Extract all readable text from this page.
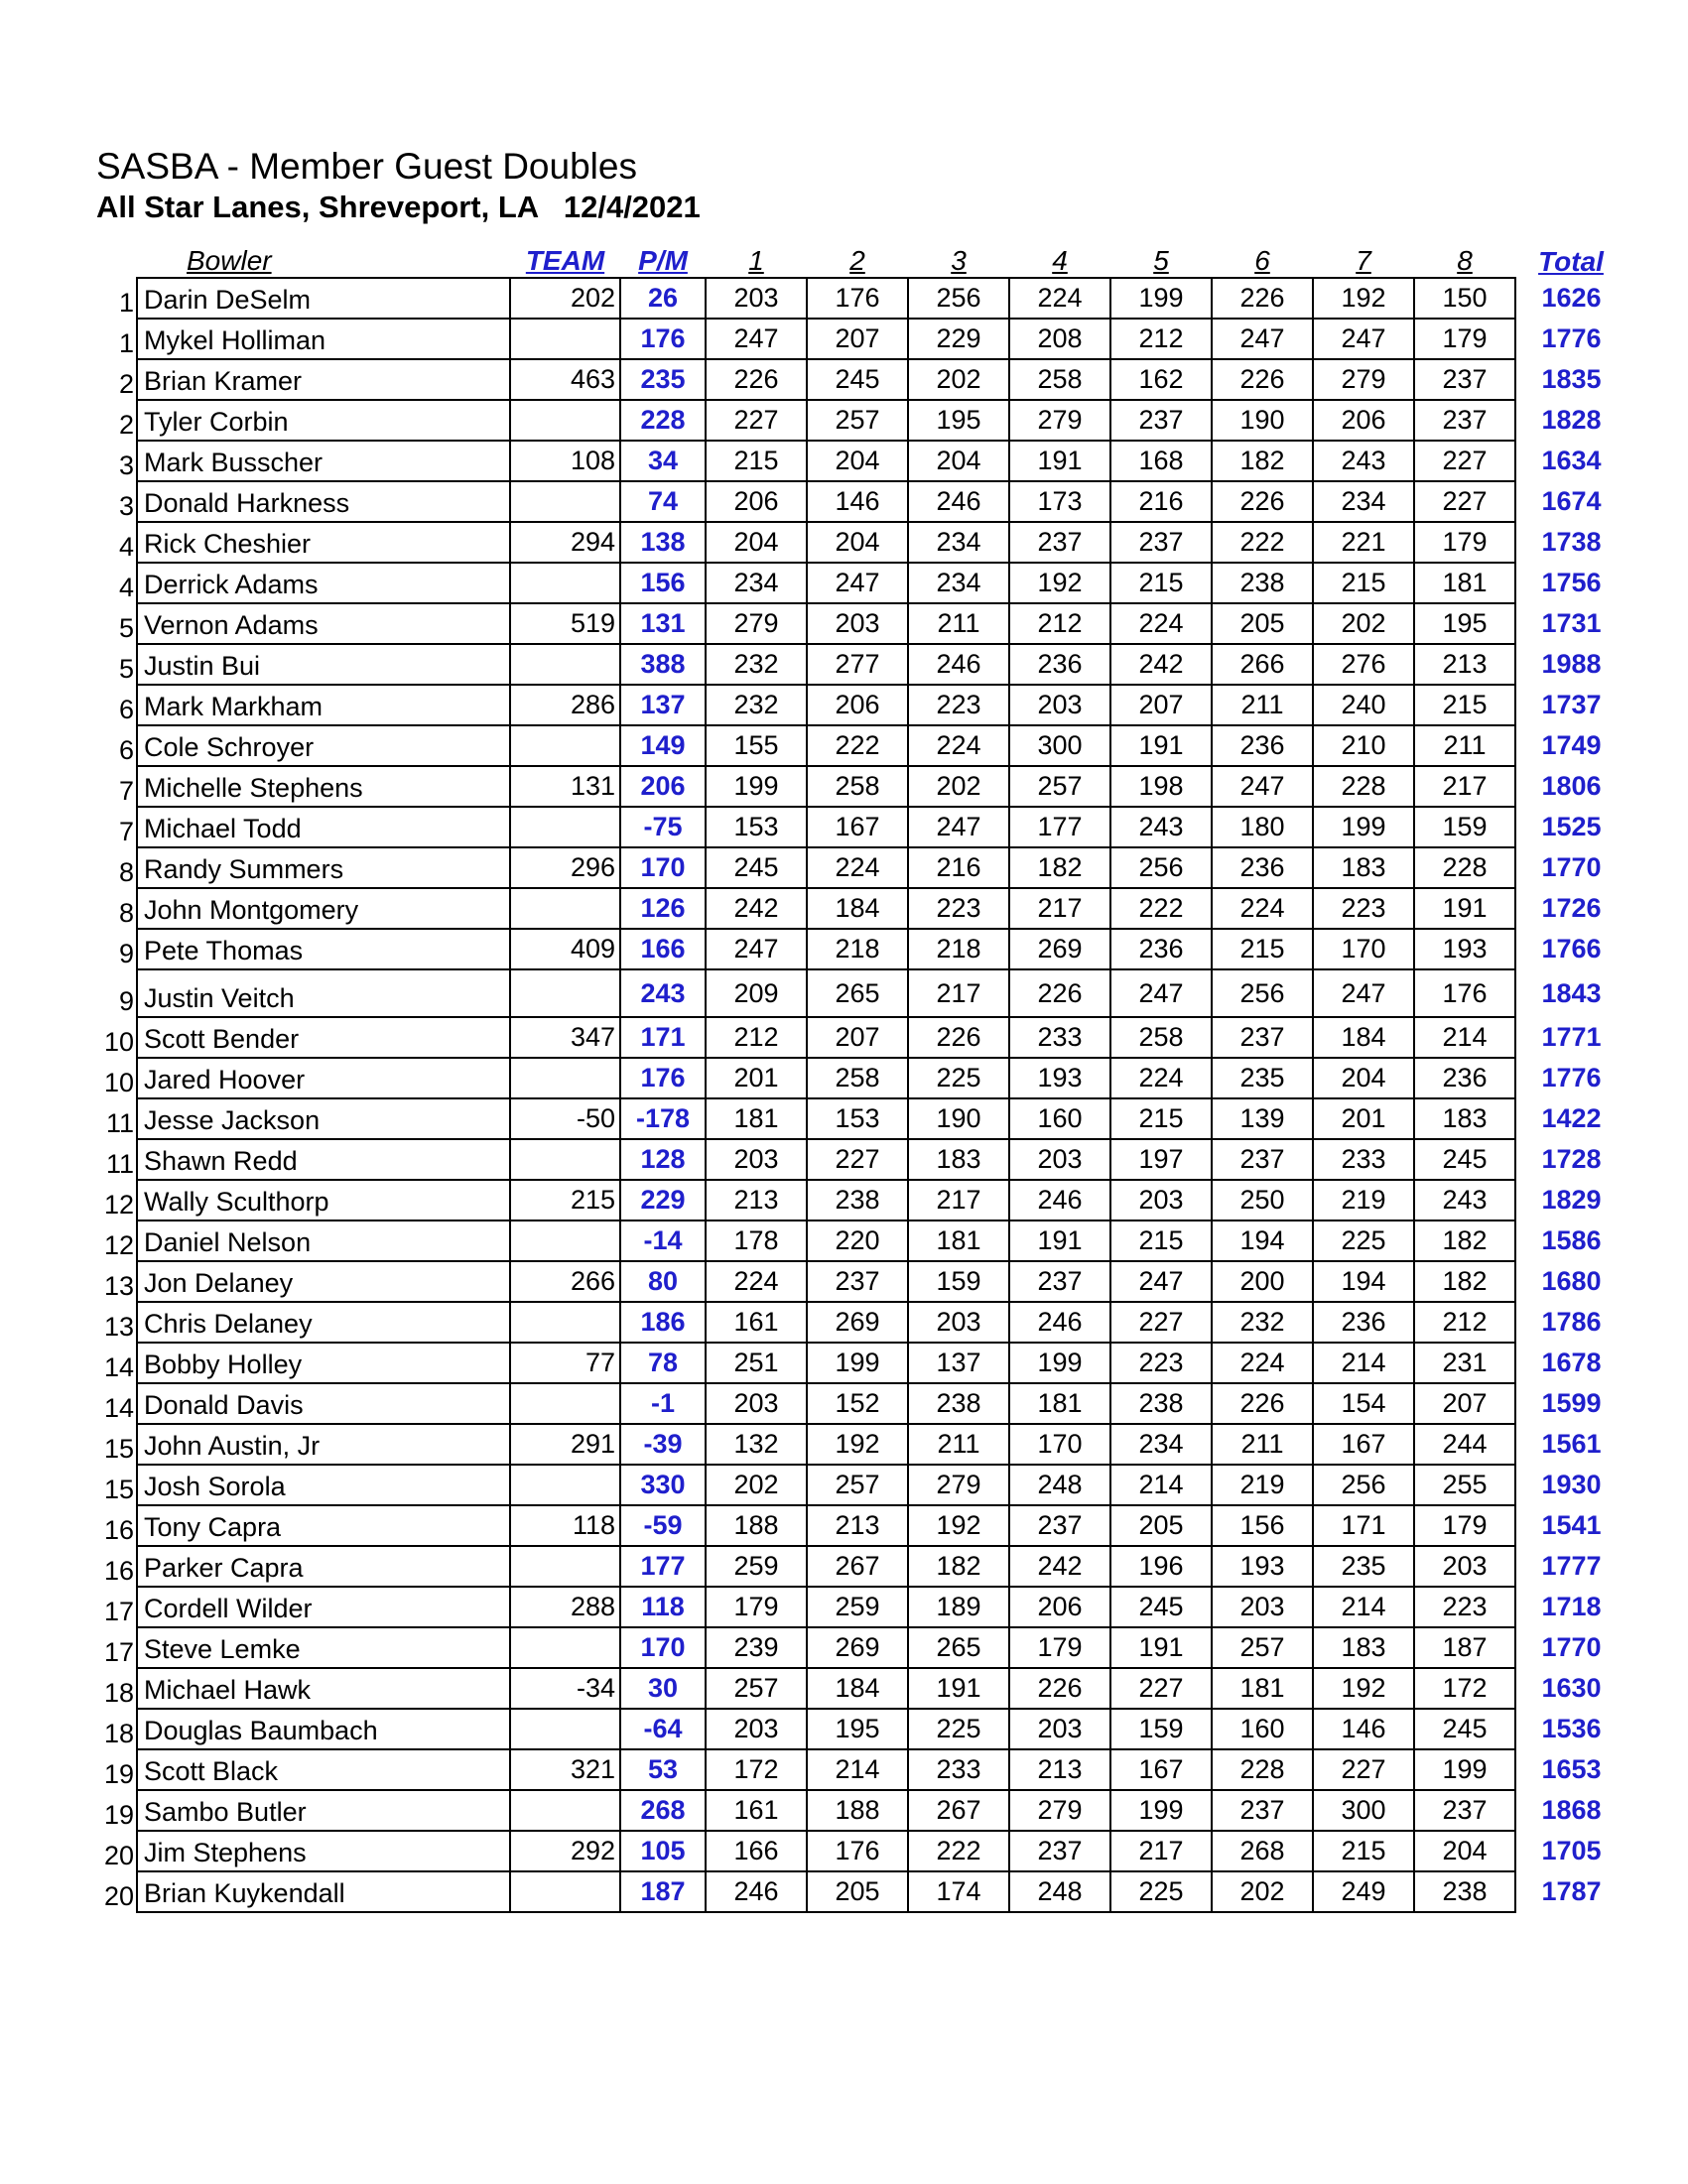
SASBA - Member Guest Doubles
All Star Lanes, Shreveport, LA   12/4/2021
	Bowler	TEAM	P/M	1	2	3	4	5	6	7	8	Total
1	Darin DeSelm	202	26	203	176	256	224	199	226	192	150	1626
1	Mykel Holliman		176	247	207	229	208	212	247	247	179	1776
2	Brian Kramer	463	235	226	245	202	258	162	226	279	237	1835
2	Tyler Corbin		228	227	257	195	279	237	190	206	237	1828
3	Mark Busscher	108	34	215	204	204	191	168	182	243	227	1634
3	Donald Harkness		74	206	146	246	173	216	226	234	227	1674
4	Rick Cheshier	294	138	204	204	234	237	237	222	221	179	1738
4	Derrick Adams		156	234	247	234	192	215	238	215	181	1756
5	Vernon Adams	519	131	279	203	211	212	224	205	202	195	1731
5	Justin Bui		388	232	277	246	236	242	266	276	213	1988
6	Mark Markham	286	137	232	206	223	203	207	211	240	215	1737
6	Cole Schroyer		149	155	222	224	300	191	236	210	211	1749
7	Michelle Stephens	131	206	199	258	202	257	198	247	228	217	1806
7	Michael Todd		-75	153	167	247	177	243	180	199	159	1525
8	Randy Summers	296	170	245	224	216	182	256	236	183	228	1770
8	John Montgomery		126	242	184	223	217	222	224	223	191	1726
9	Pete Thomas	409	166	247	218	218	269	236	215	170	193	1766
9	Justin Veitch		243	209	265	217	226	247	256	247	176	1843
10	Scott Bender	347	171	212	207	226	233	258	237	184	214	1771
10	Jared Hoover		176	201	258	225	193	224	235	204	236	1776
11	Jesse Jackson	-50	-178	181	153	190	160	215	139	201	183	1422
11	Shawn Redd		128	203	227	183	203	197	237	233	245	1728
12	Wally Sculthorp	215	229	213	238	217	246	203	250	219	243	1829
12	Daniel Nelson		-14	178	220	181	191	215	194	225	182	1586
13	Jon Delaney	266	80	224	237	159	237	247	200	194	182	1680
13	Chris Delaney		186	161	269	203	246	227	232	236	212	1786
14	Bobby Holley	77	78	251	199	137	199	223	224	214	231	1678
14	Donald Davis		-1	203	152	238	181	238	226	154	207	1599
15	John Austin, Jr	291	-39	132	192	211	170	234	211	167	244	1561
15	Josh Sorola		330	202	257	279	248	214	219	256	255	1930
16	Tony Capra	118	-59	188	213	192	237	205	156	171	179	1541
16	Parker Capra		177	259	267	182	242	196	193	235	203	1777
17	Cordell Wilder	288	118	179	259	189	206	245	203	214	223	1718
17	Steve Lemke		170	239	269	265	179	191	257	183	187	1770
18	Michael Hawk	-34	30	257	184	191	226	227	181	192	172	1630
18	Douglas Baumbach		-64	203	195	225	203	159	160	146	245	1536
19	Scott Black	321	53	172	214	233	213	167	228	227	199	1653
19	Sambo Butler		268	161	188	267	279	199	237	300	237	1868
20	Jim Stephens	292	105	166	176	222	237	217	268	215	204	1705
20	Brian Kuykendall		187	246	205	174	248	225	202	249	238	1787
